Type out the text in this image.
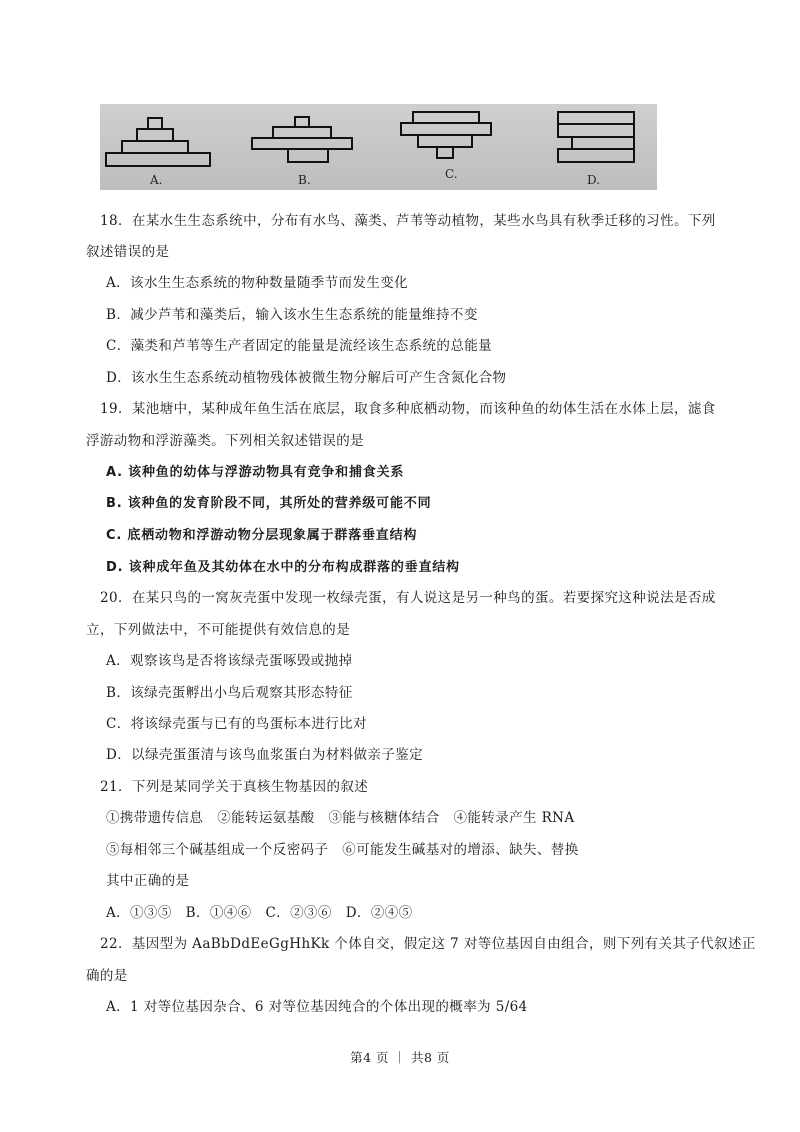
A.	B.	C.	D.
18．在某水生生态系统中，分布有水鸟、藻类、芦苇等动植物，某些水鸟具有秋季迁移的习性。下列
叙述错误的是
A．该水生生态系统的物种数量随季节而发生变化
B．减少芦苇和藻类后，输入该水生生态系统的能量维持不变
C．藻类和芦苇等生产者固定的能量是流经该生态系统的总能量
D．该水生生态系统动植物残体被微生物分解后可产生含氮化合物
19．某池塘中，某种成年鱼生活在底层，取食多种底栖动物，而该种鱼的幼体生活在水体上层，滤食
浮游动物和浮游藻类。下列相关叙述错误的是
A. 该种鱼的幼体与浮游动物具有竞争和捕食关系
B. 该种鱼的发育阶段不同，其所处的营养级可能不同
C. 底栖动物和浮游动物分层现象属于群落垂直结构
D. 该种成年鱼及其幼体在水中的分布构成群落的垂直结构
20．在某只鸟的一窝灰壳蛋中发现一枚绿壳蛋，有人说这是另一种鸟的蛋。若要探究这种说法是否成
立，下列做法中，不可能提供有效信息的是
A．观察该鸟是否将该绿壳蛋啄毁或抛掉
B．该绿壳蛋孵出小鸟后观察其形态特征
C．将该绿壳蛋与已有的鸟蛋标本进行比对
D．以绿壳蛋蛋清与该鸟血浆蛋白为材料做亲子鉴定
21．下列是某同学关于真核生物基因的叙述
①携带遗传信息　②能转运氨基酸　③能与核糖体结合　④能转录产生 RNA
⑤每相邻三个碱基组成一个反密码子　⑥可能发生碱基对的增添、缺失、替换
其中正确的是
A．①③⑤　B．①④⑥　C．②③⑥　D．②④⑤
22．基因型为 AaBbDdEeGgHhKk 个体自交，假定这 7 对等位基因自由组合，则下列有关其子代叙述正
确的是
A．1 对等位基因杂合、6 对等位基因纯合的个体出现的概率为 5/64
第4 页 ｜ 共8 页
